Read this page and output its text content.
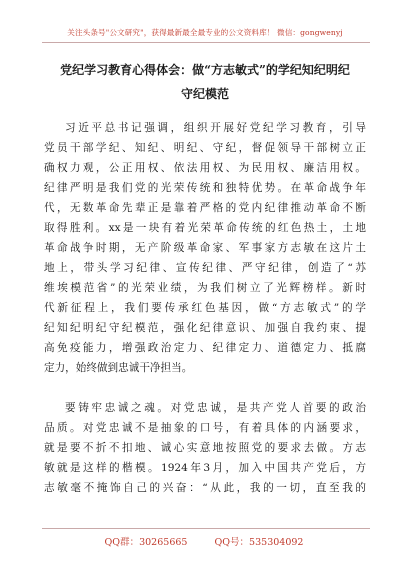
关注头条号"公文研究"，获得最新最全最专业的公文资料库！ 微信：gongwenyj
党纪学习教育心得体会：做“方志敏式”的学纪知纪明纪
守纪模范
习近平总书记强调，组织开展好党纪学习教育，引导
党员干部学纪、知纪、明纪、守纪，督促领导干部树立正
确权力观，公正用权、依法用权、为民用权、廉洁用权。
纪律严明是我们党的光荣传统和独特优势。在革命战争年
代，无数革命先辈正是靠着严格的党内纪律推动革命不断
取得胜利。xx是一块有着光荣革命传统的红色热土，土地
革命战争时期，无产阶级革命家、军事家方志敏在这片土
地上，带头学习纪律、宣传纪律、严守纪律，创造了“苏
维埃模范省”的光荣业绩，为我们树立了光辉榜样。新时
代新征程上，我们要传承红色基因，做“方志敏式”的学
纪知纪明纪守纪模范，强化纪律意识、加强自我约束、提
高免疫能力，增强政治定力、纪律定力、道德定力、抵腐
定力，始终做到忠诚干净担当。
要铸牢忠诚之魂。对党忠诚，是共产党人首要的政治
品质。对党忠诚不是抽象的口号，有着具体的内涵要求，
就是要不折不扣地、诚心实意地按照党的要求去做。方志
敏就是这样的楷模。1924年3月，加入中国共产党后，方
志敏毫不掩饰自己的兴奋：“从此，我的一切，直至我的
QQ群：30265665	QQ号：535304092
